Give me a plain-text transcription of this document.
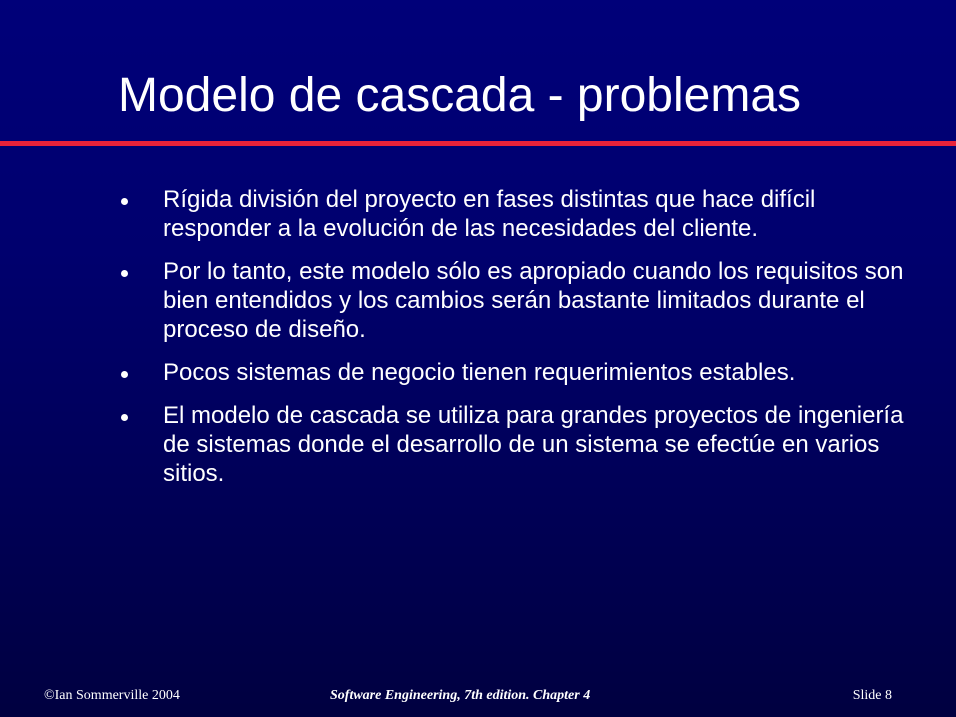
Modelo de cascada - problemas
Rígida división del proyecto en fases distintas que hace difícil responder a la evolución de las necesidades del cliente.
Por lo tanto, este modelo sólo es apropiado cuando los requisitos son bien entendidos y los cambios serán bastante limitados durante el proceso de diseño.
Pocos sistemas de negocio tienen requerimientos estables.
El modelo de cascada se utiliza para grandes proyectos de ingeniería de sistemas donde el desarrollo de un sistema se efectúe en varios sitios.
©Ian Sommerville 2004	Software Engineering, 7th edition. Chapter 4	Slide 8
